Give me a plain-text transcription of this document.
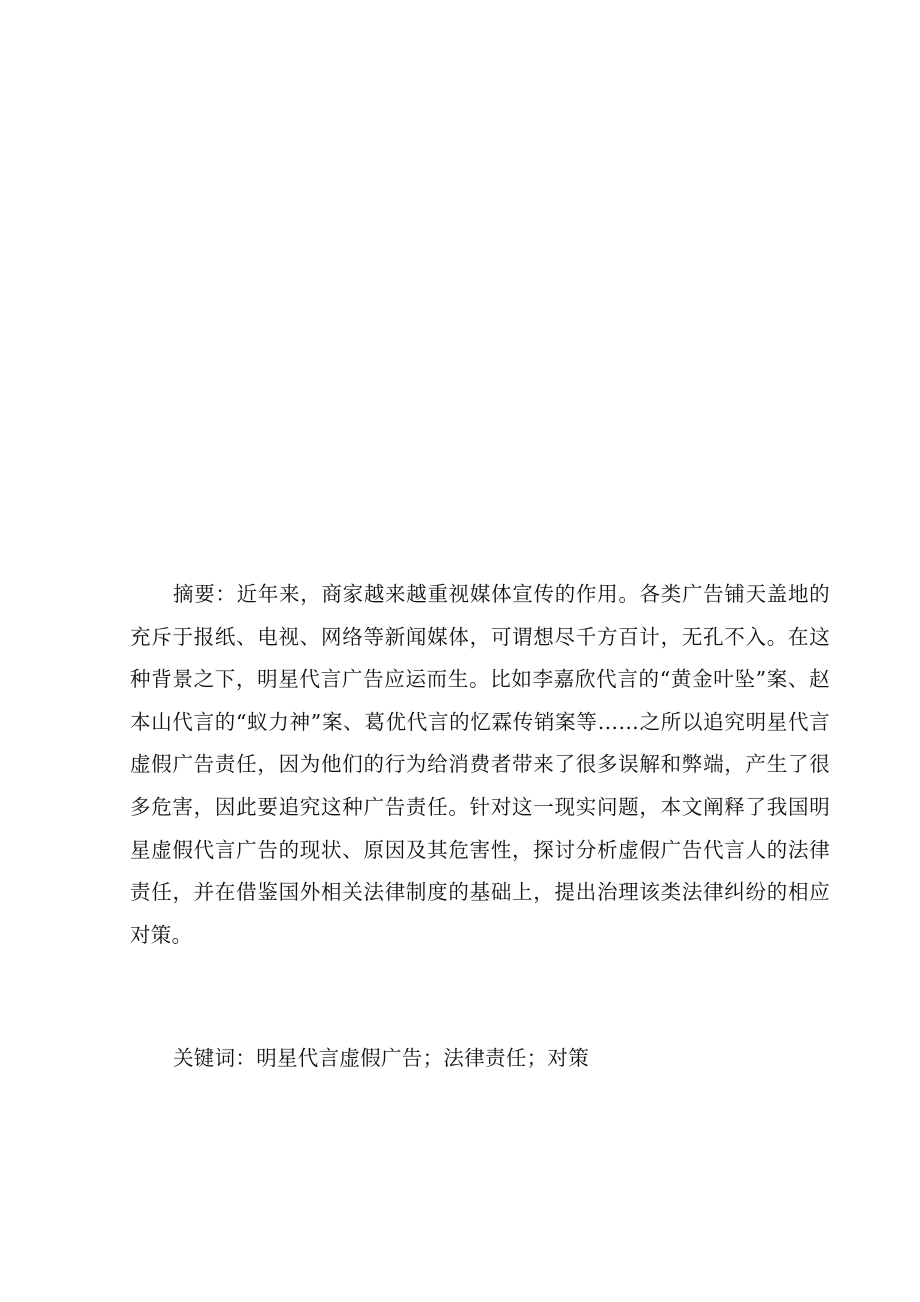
摘要：近年来，商家越来越重视媒体宣传的作用。各类广告铺天盖地的充斥于报纸、电视、网络等新闻媒体，可谓想尽千方百计，无孔不入。在这种背景之下，明星代言广告应运而生。比如李嘉欣代言的“黄金叶坠”案、赵本山代言的“蚁力神”案、葛优代言的忆霖传销案等……之所以追究明星代言虚假广告责任，因为他们的行为给消费者带来了很多误解和弊端，产生了很多危害，因此要追究这种广告责任。针对这一现实问题，本文阐释了我国明星虚假代言广告的现状、原因及其危害性，探讨分析虚假广告代言人的法律责任，并在借鉴国外相关法律制度的基础上，提出治理该类法律纠纷的相应对策。

关键词：明星代言虚假广告；法律责任；对策
